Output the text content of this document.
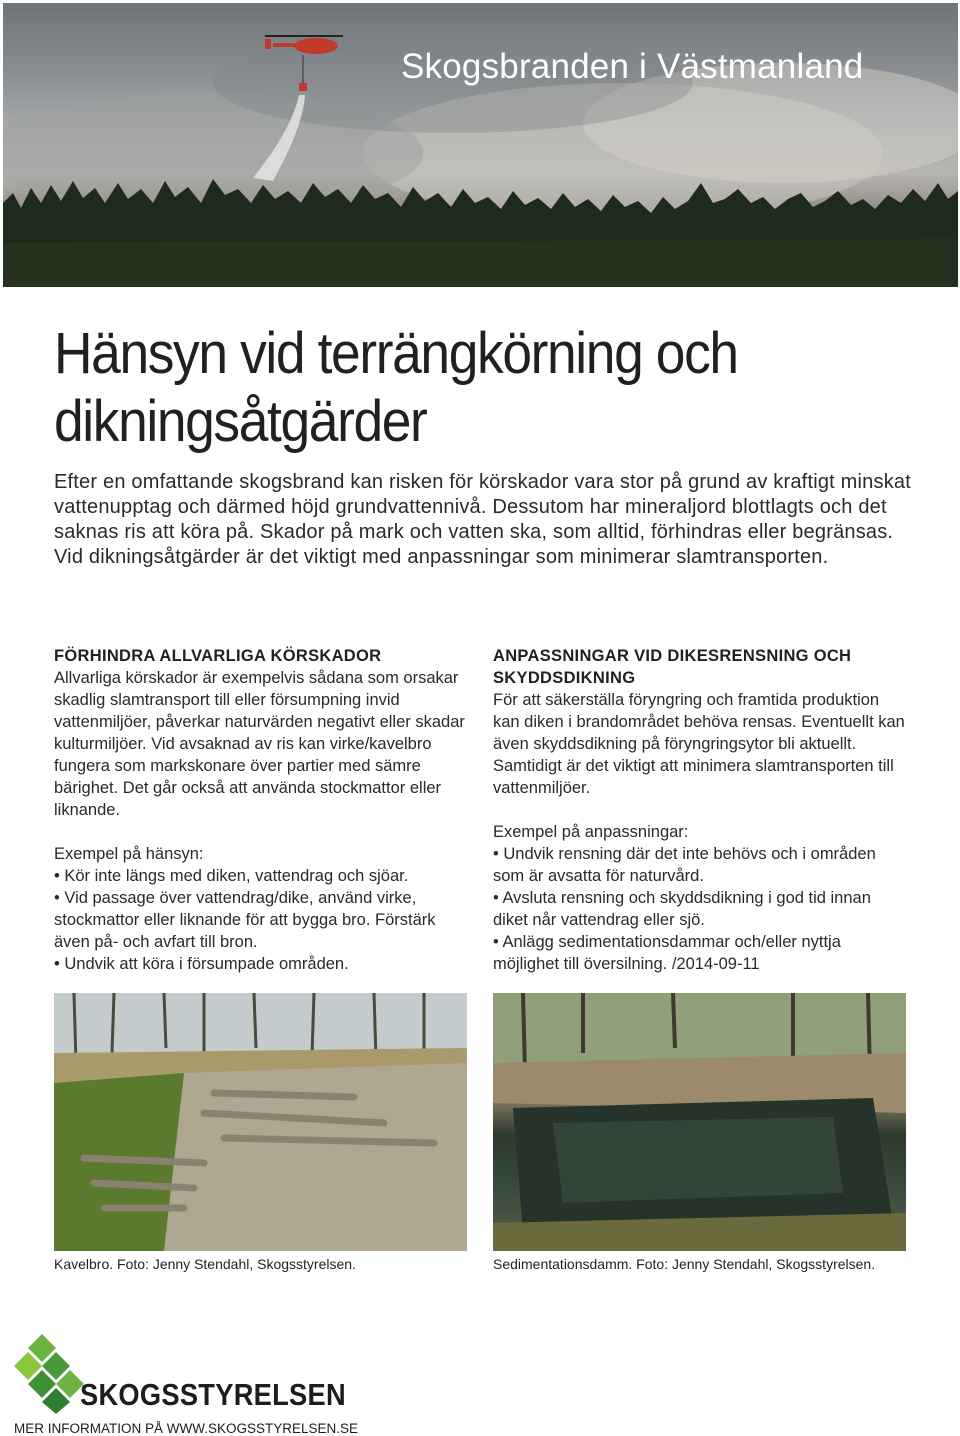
Skogsbranden i Västmanland
Hänsyn vid terrängkörning och
dikningsåtgärder

Efter en omfattande skogsbrand kan risken för körskador vara stor på grund av kraftigt minskat vattenupptag och därmed höjd grundvattennivå. Dessutom har mineraljord blottlagts och det saknas ris att köra på. Skador på mark och vatten ska, som alltid, förhindras eller begränsas. Vid dikningsåtgärder är det viktigt med anpassningar som minimerar slamtransporten.

FÖRHINDRA ALLVARLIGA KÖRSKADOR

Allvarliga körskador är exempelvis sådana som orsakar skadlig slamtransport till eller försumpning invid vattenmiljöer, påverkar naturvärden negativt eller skadar kulturmiljöer. Vid avsaknad av ris kan virke/kavelbro fungera som markskonare över partier med sämre bärighet. Det går också att använda stockmattor eller liknande.

Exempel på hänsyn:

• Kör inte längs med diken, vattendrag och sjöar.
• Vid passage över vattendrag/dike, använd virke, stockmattor eller liknande för att bygga bro. Förstärk även på- och avfart till bron.
• Undvik att köra i försumpade områden.
ANPASSNINGAR VID DIKESRENSNING OCH SKYDDSDIKNING

För att säkerställa föryngring och framtida produktion kan diken i brandområdet behöva rensas. Eventuellt kan även skyddsdikning på föryngringsytor bli aktuellt. Samtidigt är det viktigt att minimera slamtransporten till vattenmiljöer.

Exempel på anpassningar:

• Undvik rensning där det inte behövs och i områden som är avsatta för naturvård.
• Avsluta rensning och skyddsdikning i god tid innan diket når vattendrag eller sjö.
• Anlägg sedimentationsdammar och/eller nyttja möjlighet till översilning. /2014-09-11
Kavelbro. Foto: Jenny Stendahl, Skogsstyrelsen.	Sedimentationsdamm. Foto: Jenny Stendahl, Skogsstyrelsen.
SKOGSSTYRELSEN
MER INFORMATION PÅ WWW.SKOGSSTYRELSEN.SE
